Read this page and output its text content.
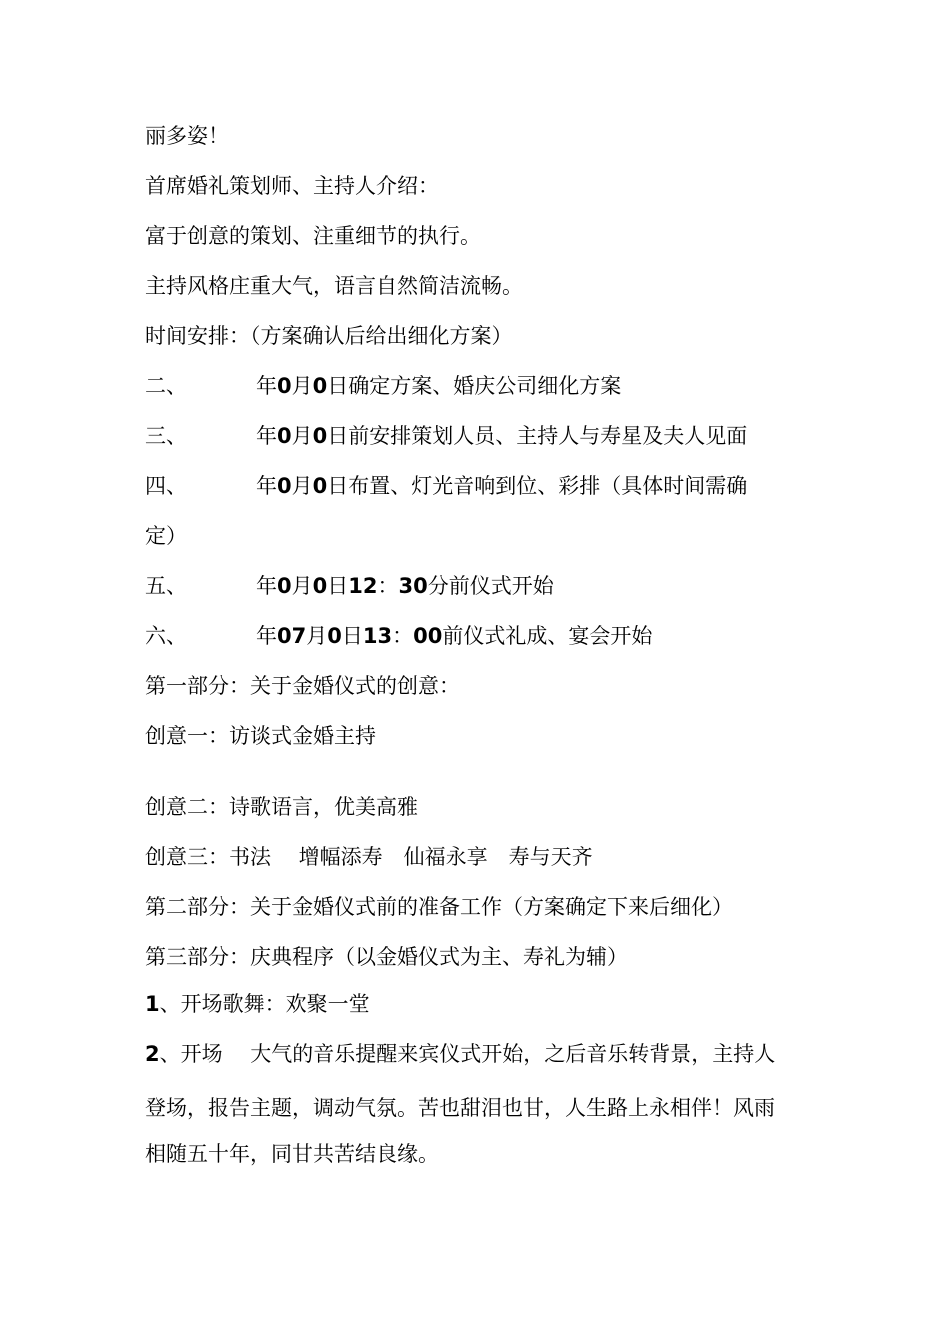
丽多姿！
首席婚礼策划师、主持人介绍：
富于创意的策划、注重细节的执行。
主持风格庄重大气，语言自然简洁流畅。
时间安排：（方案确认后给出细化方案）
二、	年0月0日确定方案、婚庆公司细化方案
三、	年0月0日前安排策划人员、主持人与寿星及夫人见面
四、	年0月0日布置、灯光音响到位、彩排（具体时间需确
定）
五、	年0月0日12：30分前仪式开始
六、	年07月0日13：00前仪式礼成、宴会开始
第一部分：关于金婚仪式的创意：
创意一：访谈式金婚主持
创意二：诗歌语言，优美高雅
创意三：书法　 增幅添寿　仙福永享　寿与天齐
第二部分：关于金婚仪式前的准备工作（方案确定下来后细化）
第三部分：庆典程序（以金婚仪式为主、寿礼为辅）
1、开场歌舞：欢聚一堂
2、开场　 大气的音乐提醒来宾仪式开始，之后音乐转背景，主持人
登场，报告主题，调动气氛。苦也甜泪也甘，人生路上永相伴！风雨
相随五十年，同甘共苦结良缘。
